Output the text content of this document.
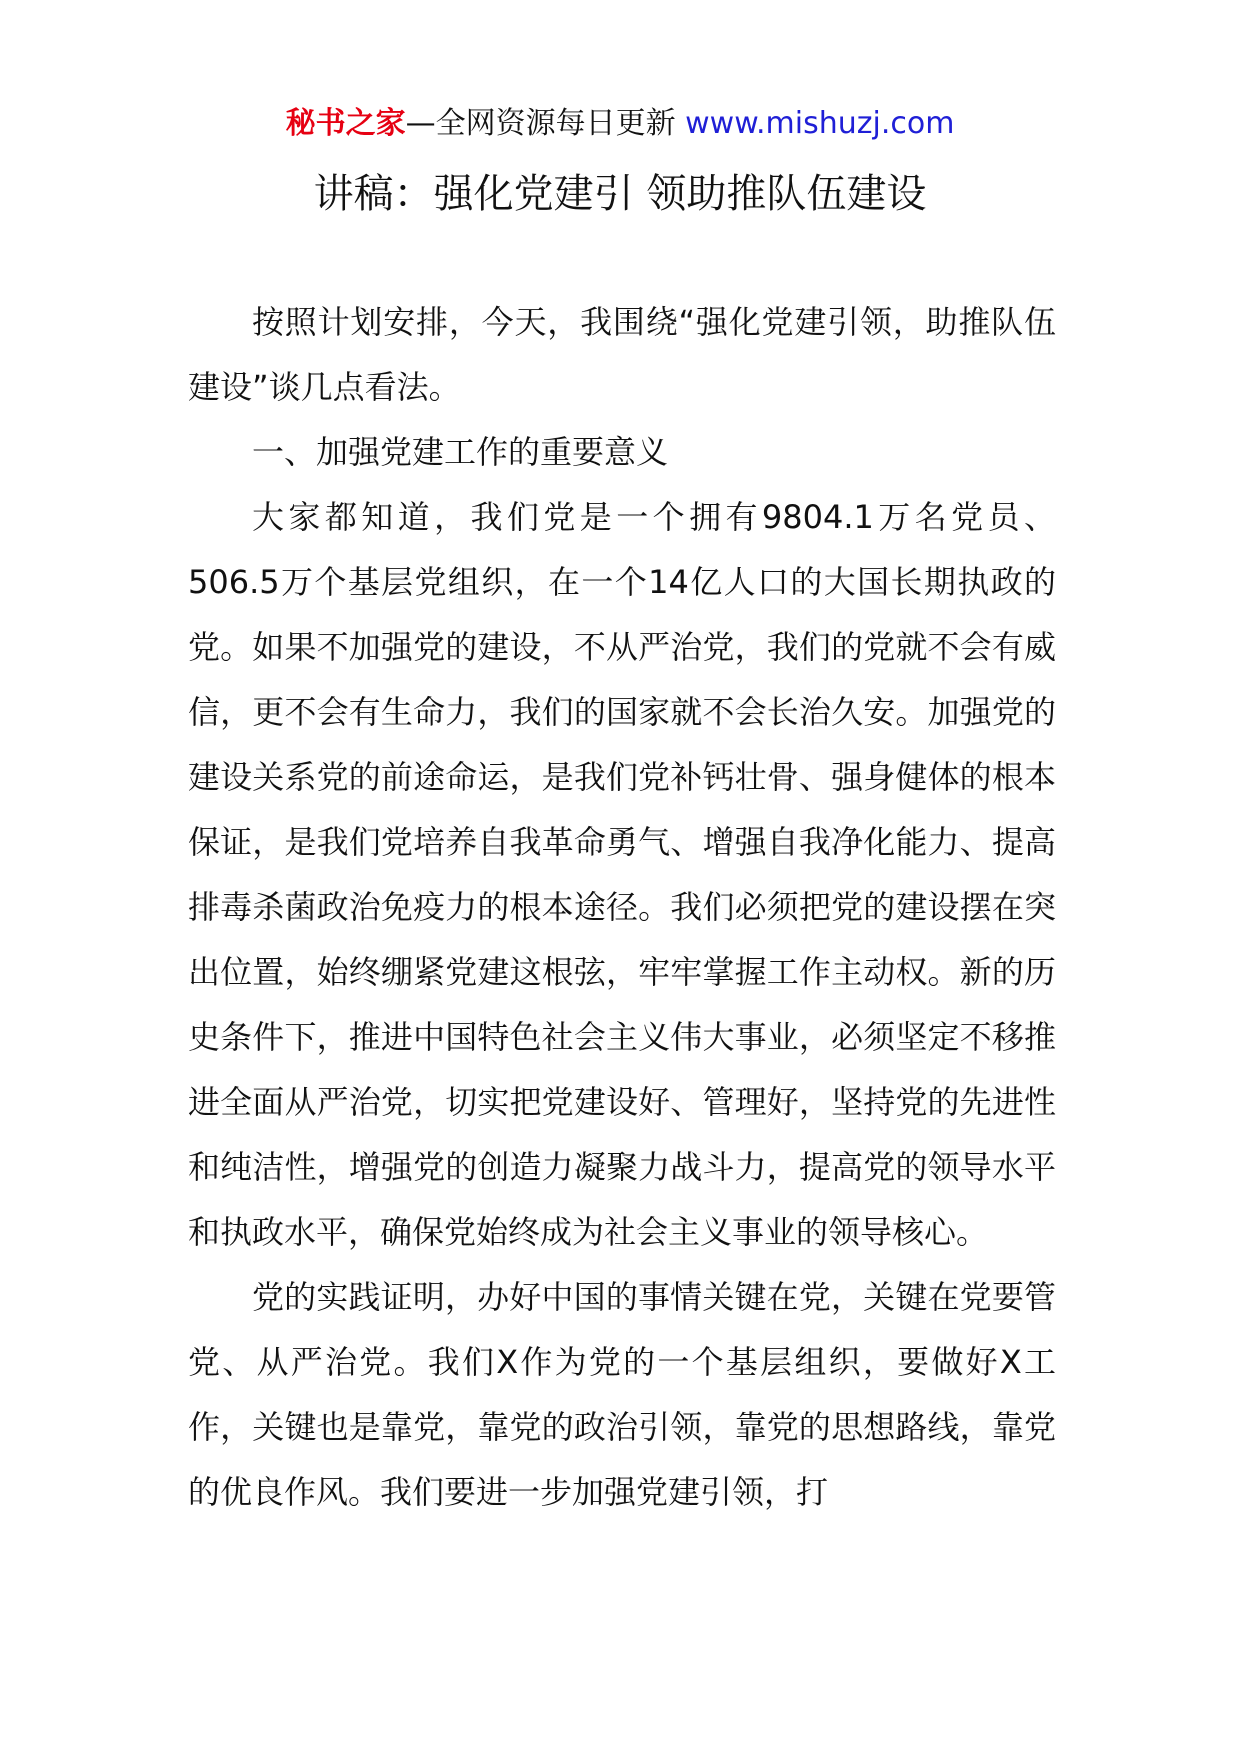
秘书之家—全网资源每日更新 www.mishuzj.com
讲稿：强化党建引 领助推队伍建设

按照计划安排，今天，我围绕“强化党建引领，助推队伍建设”谈几点看法。

一、加强党建工作的重要意义

大家都知道，我们党是一个拥有9804.1万名党员、506.5万个基层党组织，在一个14亿人口的大国长期执政的党。如果不加强党的建设，不从严治党，我们的党就不会有威信，更不会有生命力，我们的国家就不会长治久安。加强党的建设关系党的前途命运，是我们党补钙壮骨、强身健体的根本保证，是我们党培养自我革命勇气、增强自我净化能力、提高排毒杀菌政治免疫力的根本途径。我们必须把党的建设摆在突出位置，始终绷紧党建这根弦，牢牢掌握工作主动权。新的历史条件下，推进中国特色社会主义伟大事业，必须坚定不移推进全面从严治党，切实把党建设好、管理好，坚持党的先进性和纯洁性，增强党的创造力凝聚力战斗力，提高党的领导水平和执政水平，确保党始终成为社会主义事业的领导核心。

党的实践证明，办好中国的事情关键在党，关键在党要管党、从严治党。我们X作为党的一个基层组织，要做好X工作，关键也是靠党，靠党的政治引领，靠党的思想路线，靠党的优良作风。我们要进一步加强党建引领，打
